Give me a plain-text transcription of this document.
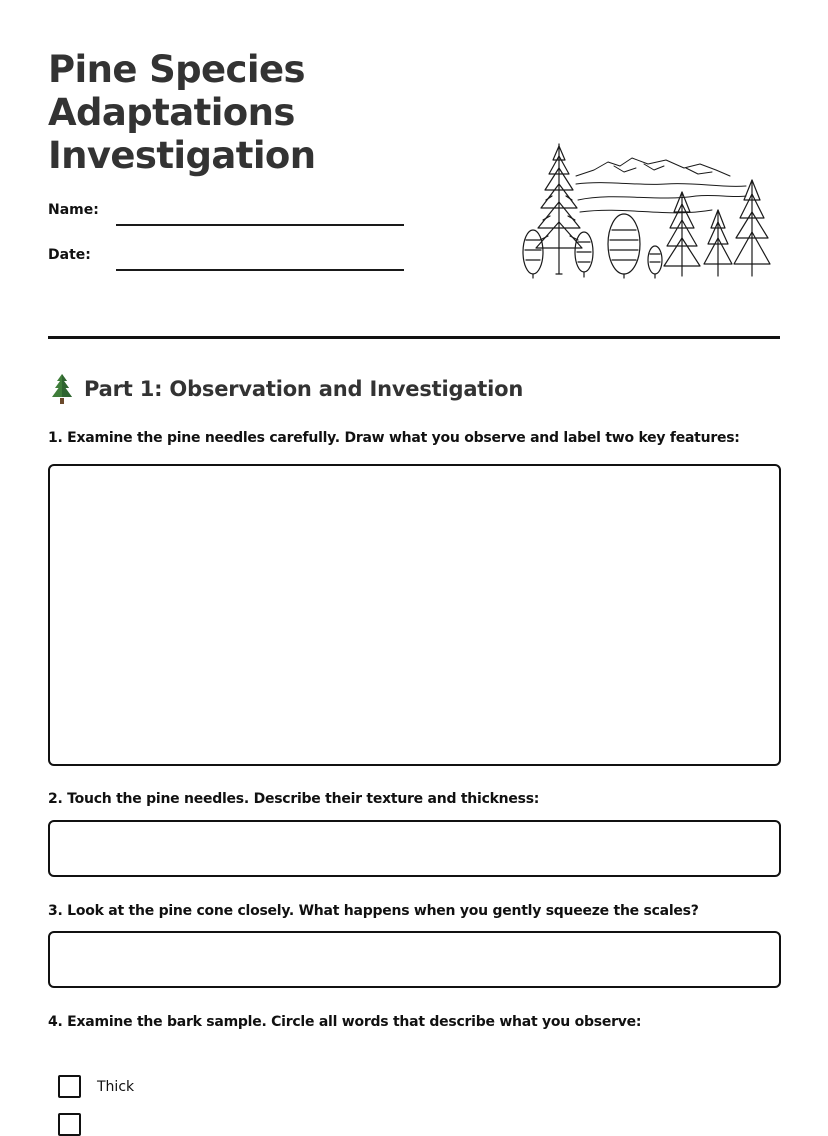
Pine Species Adaptations Investigation
Name:
Date:
Part 1: Observation and Investigation
1. Examine the pine needles carefully. Draw what you observe and label two key features:
2. Touch the pine needles. Describe their texture and thickness:
3. Look at the pine cone closely. What happens when you gently squeeze the scales?
4. Examine the bark sample. Circle all words that describe what you observe:
Thick
